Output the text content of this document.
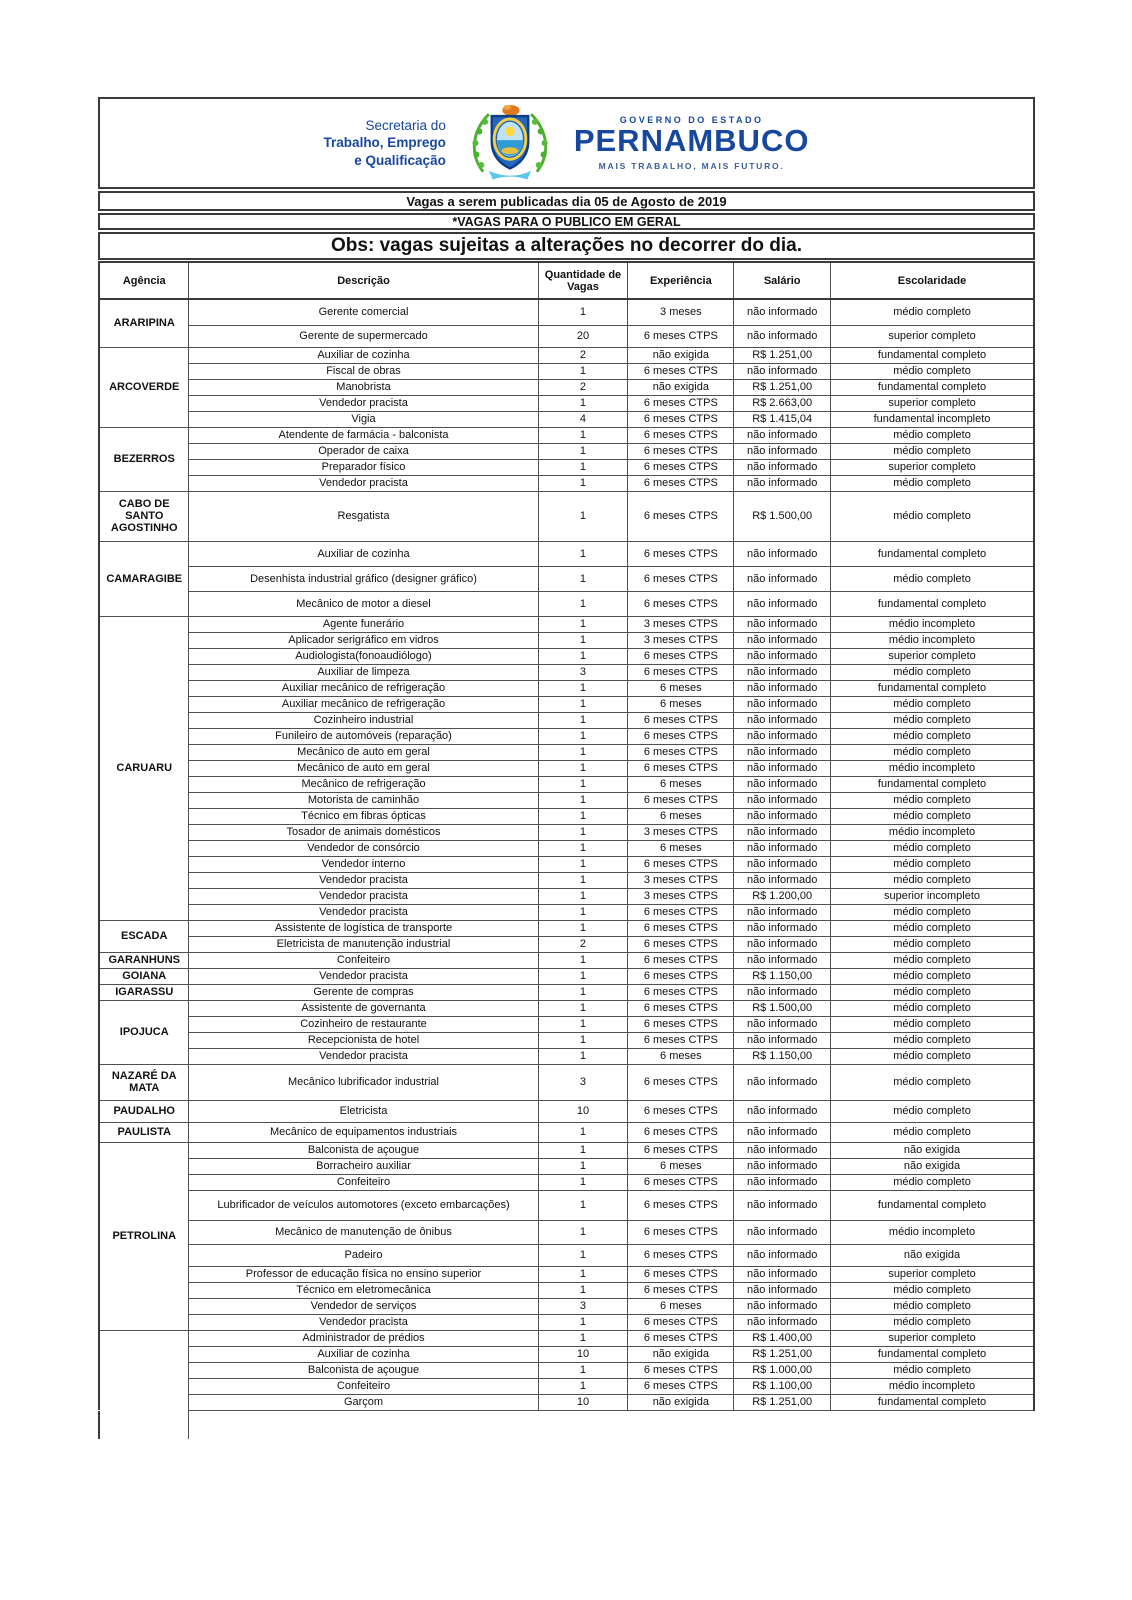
Secretaria do
Trabalho, Emprego
e Qualificação
GOVERNO DO ESTADO
PERNAMBUCO
MAIS TRABALHO, MAIS FUTURO.
Vagas a serem publicadas dia 05 de Agosto de 2019
*VAGAS PARA O PUBLICO EM GERAL
Obs: vagas sujeitas a alterações no decorrer do dia.
Agência	Descrição	Quantidade de Vagas	Experiência	Salário	Escolaridade
ARARIPINA	Gerente comercial	1	3 meses	não informado	médio completo
	Gerente de supermercado	20	6 meses CTPS	não informado	superior completo
ARCOVERDE	Auxiliar de cozinha	2	não exigida	R$ 1.251,00	fundamental completo
	Fiscal de obras	1	6 meses CTPS	não informado	médio completo
	Manobrista	2	não exigida	R$ 1.251,00	fundamental completo
	Vendedor pracista	1	6 meses CTPS	R$ 2.663,00	superior completo
	Vigia	4	6 meses CTPS	R$ 1.415,04	fundamental incompleto
BEZERROS	Atendente de farmácia - balconista	1	6 meses CTPS	não informado	médio completo
	Operador de caixa	1	6 meses CTPS	não informado	médio completo
	Preparador físico	1	6 meses CTPS	não informado	superior completo
	Vendedor pracista	1	6 meses CTPS	não informado	médio completo
CABO DE SANTO AGOSTINHO	Resgatista	1	6 meses CTPS	R$ 1.500,00	médio completo
CAMARAGIBE	Auxiliar de cozinha	1	6 meses CTPS	não informado	fundamental completo
	Desenhista industrial gráfico (designer gráfico)	1	6 meses CTPS	não informado	médio completo
	Mecânico de motor a diesel	1	6 meses CTPS	não informado	fundamental completo
CARUARU	Agente funerário	1	3 meses CTPS	não informado	médio incompleto
	Aplicador serigráfico em vidros	1	3 meses CTPS	não informado	médio incompleto
	Audiologista(fonoaudiólogo)	1	6 meses CTPS	não informado	superior completo
	Auxiliar de limpeza	3	6 meses CTPS	não informado	médio completo
	Auxiliar mecânico de refrigeração	1	6 meses	não informado	fundamental completo
	Auxiliar mecânico de refrigeração	1	6 meses	não informado	médio completo
	Cozinheiro industrial	1	6 meses CTPS	não informado	médio completo
	Funileiro de automóveis (reparação)	1	6 meses CTPS	não informado	médio completo
	Mecânico de auto em geral	1	6 meses CTPS	não informado	médio completo
	Mecânico de auto em geral	1	6 meses CTPS	não informado	médio incompleto
	Mecânico de refrigeração	1	6 meses	não informado	fundamental completo
	Motorista de caminhão	1	6 meses CTPS	não informado	médio completo
	Técnico em fibras ópticas	1	6 meses	não informado	médio completo
	Tosador de animais domésticos	1	3 meses CTPS	não informado	médio incompleto
	Vendedor de consórcio	1	6 meses	não informado	médio completo
	Vendedor interno	1	6 meses CTPS	não informado	médio completo
	Vendedor pracista	1	3 meses CTPS	não informado	médio completo
	Vendedor pracista	1	3 meses CTPS	R$ 1.200,00	superior incompleto
	Vendedor pracista	1	6 meses CTPS	não informado	médio completo
ESCADA	Assistente de logística de transporte	1	6 meses CTPS	não informado	médio completo
	Eletricista de manutenção industrial	2	6 meses CTPS	não informado	médio completo
GARANHUNS	Confeiteiro	1	6 meses CTPS	não informado	médio completo
GOIANA	Vendedor pracista	1	6 meses CTPS	R$ 1.150,00	médio completo
IGARASSU	Gerente de compras	1	6 meses CTPS	não informado	médio completo
IPOJUCA	Assistente de governanta	1	6 meses CTPS	R$ 1.500,00	médio completo
	Cozinheiro de restaurante	1	6 meses CTPS	não informado	médio completo
	Recepcionista de hotel	1	6 meses CTPS	não informado	médio completo
	Vendedor pracista	1	6 meses	R$ 1.150,00	médio completo
NAZARÉ DA MATA	Mecânico lubrificador industrial	3	6 meses CTPS	não informado	médio completo
PAUDALHO	Eletricista	10	6 meses CTPS	não informado	médio completo
PAULISTA	Mecânico de equipamentos industriais	1	6 meses CTPS	não informado	médio completo
PETROLINA	Balconista de açougue	1	6 meses CTPS	não informado	não exigida
	Borracheiro auxiliar	1	6 meses	não informado	não exigida
	Confeiteiro	1	6 meses CTPS	não informado	médio completo
	Lubrificador de veículos automotores (exceto embarcações)	1	6 meses CTPS	não informado	fundamental completo
	Mecânico de manutenção de ônibus	1	6 meses CTPS	não informado	médio incompleto
	Padeiro	1	6 meses CTPS	não informado	não exigida
	Professor de educação física no ensino superior	1	6 meses CTPS	não informado	superior completo
	Técnico em eletromecânica	1	6 meses CTPS	não informado	médio completo
	Vendedor de serviços	3	6 meses	não informado	médio completo
	Vendedor pracista	1	6 meses CTPS	não informado	médio completo
	Administrador de prédios	1	6 meses CTPS	R$ 1.400,00	superior completo
	Auxiliar de cozinha	10	não exigida	R$ 1.251,00	fundamental completo
	Balconista de açougue	1	6 meses CTPS	R$ 1.000,00	médio completo
	Confeiteiro	1	6 meses CTPS	R$ 1.100,00	médio incompleto
	Garçom	10	não exigida	R$ 1.251,00	fundamental completo
